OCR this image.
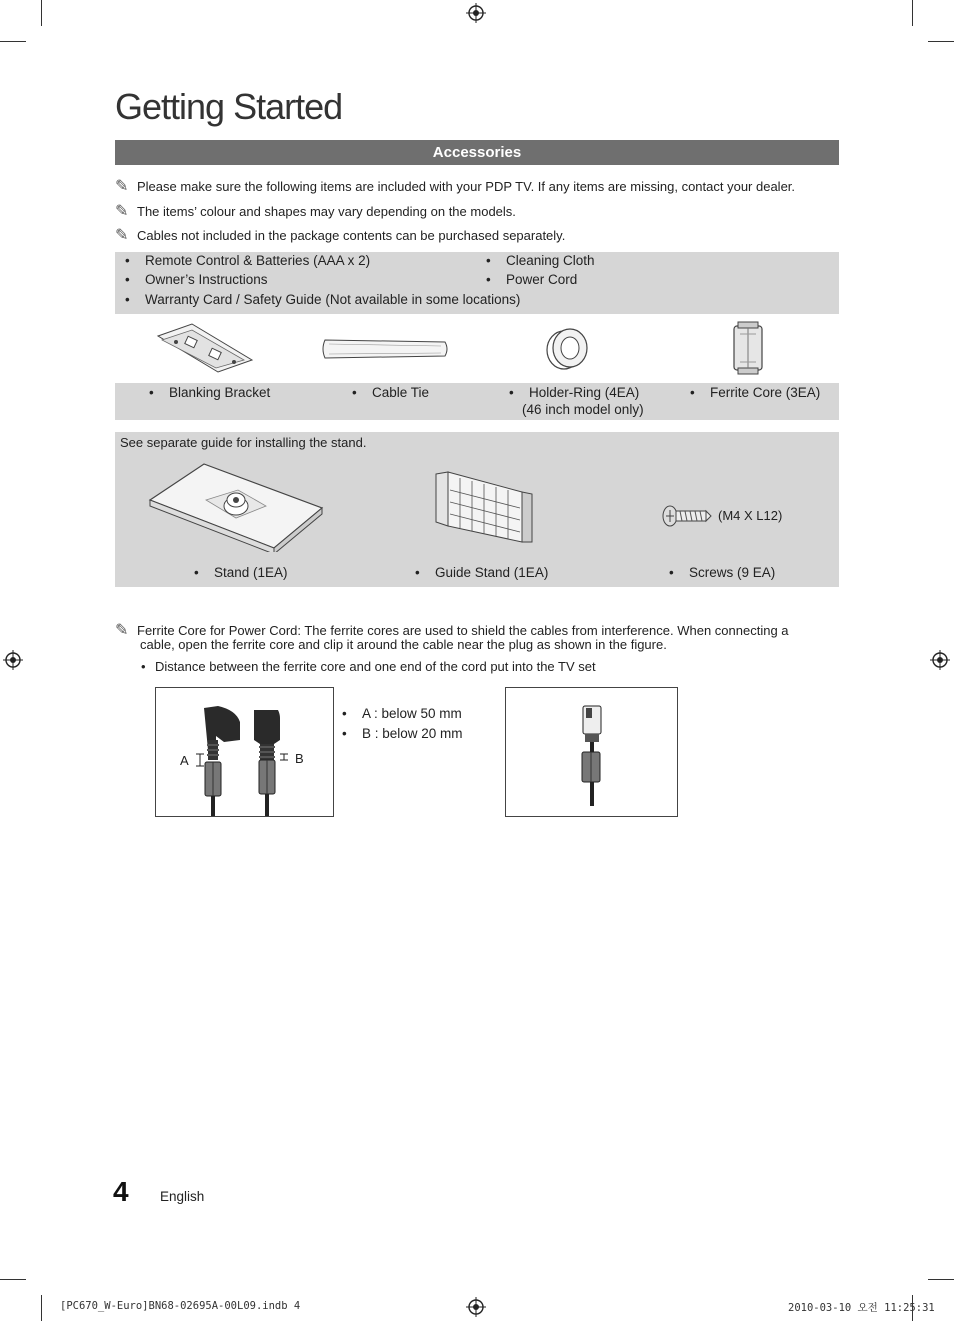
Getting Started
Accessories
✎ Please make sure the following items are included with your PDP TV. If any items are missing, contact your dealer.
✎ The items’ colour and shapes may vary depending on the models.
✎ Cables not included in the package contents can be purchased separately.
• Remote Control & Batteries (AAA x 2)
• Owner’s Instructions
• Warranty Card / Safety Guide (Not available in some locations)
• Cleaning Cloth
• Power Cord
• Blanking Bracket	• Cable Tie	• Holder-Ring (4EA)
(46 inch model only)
• Ferrite Core (3EA)
See separate guide for installing the stand.
(M4 X L12)
• Stand (1EA)	• Guide Stand (1EA)	• Screws (9 EA)
✎ Ferrite Core for Power Cord: The ferrite cores are used to shield the cables from interference. When connecting a
cable, open the ferrite core and clip it around the cable near the plug as shown in the figure.
• Distance between the ferrite core and one end of the cord put into the TV set
A	B
• A : below 50 mm
• B : below 20 mm
4 English
[PC670_W-Euro]BN68-02695A-00L09.indb 4	2010-03-10 오전 11:25:31
